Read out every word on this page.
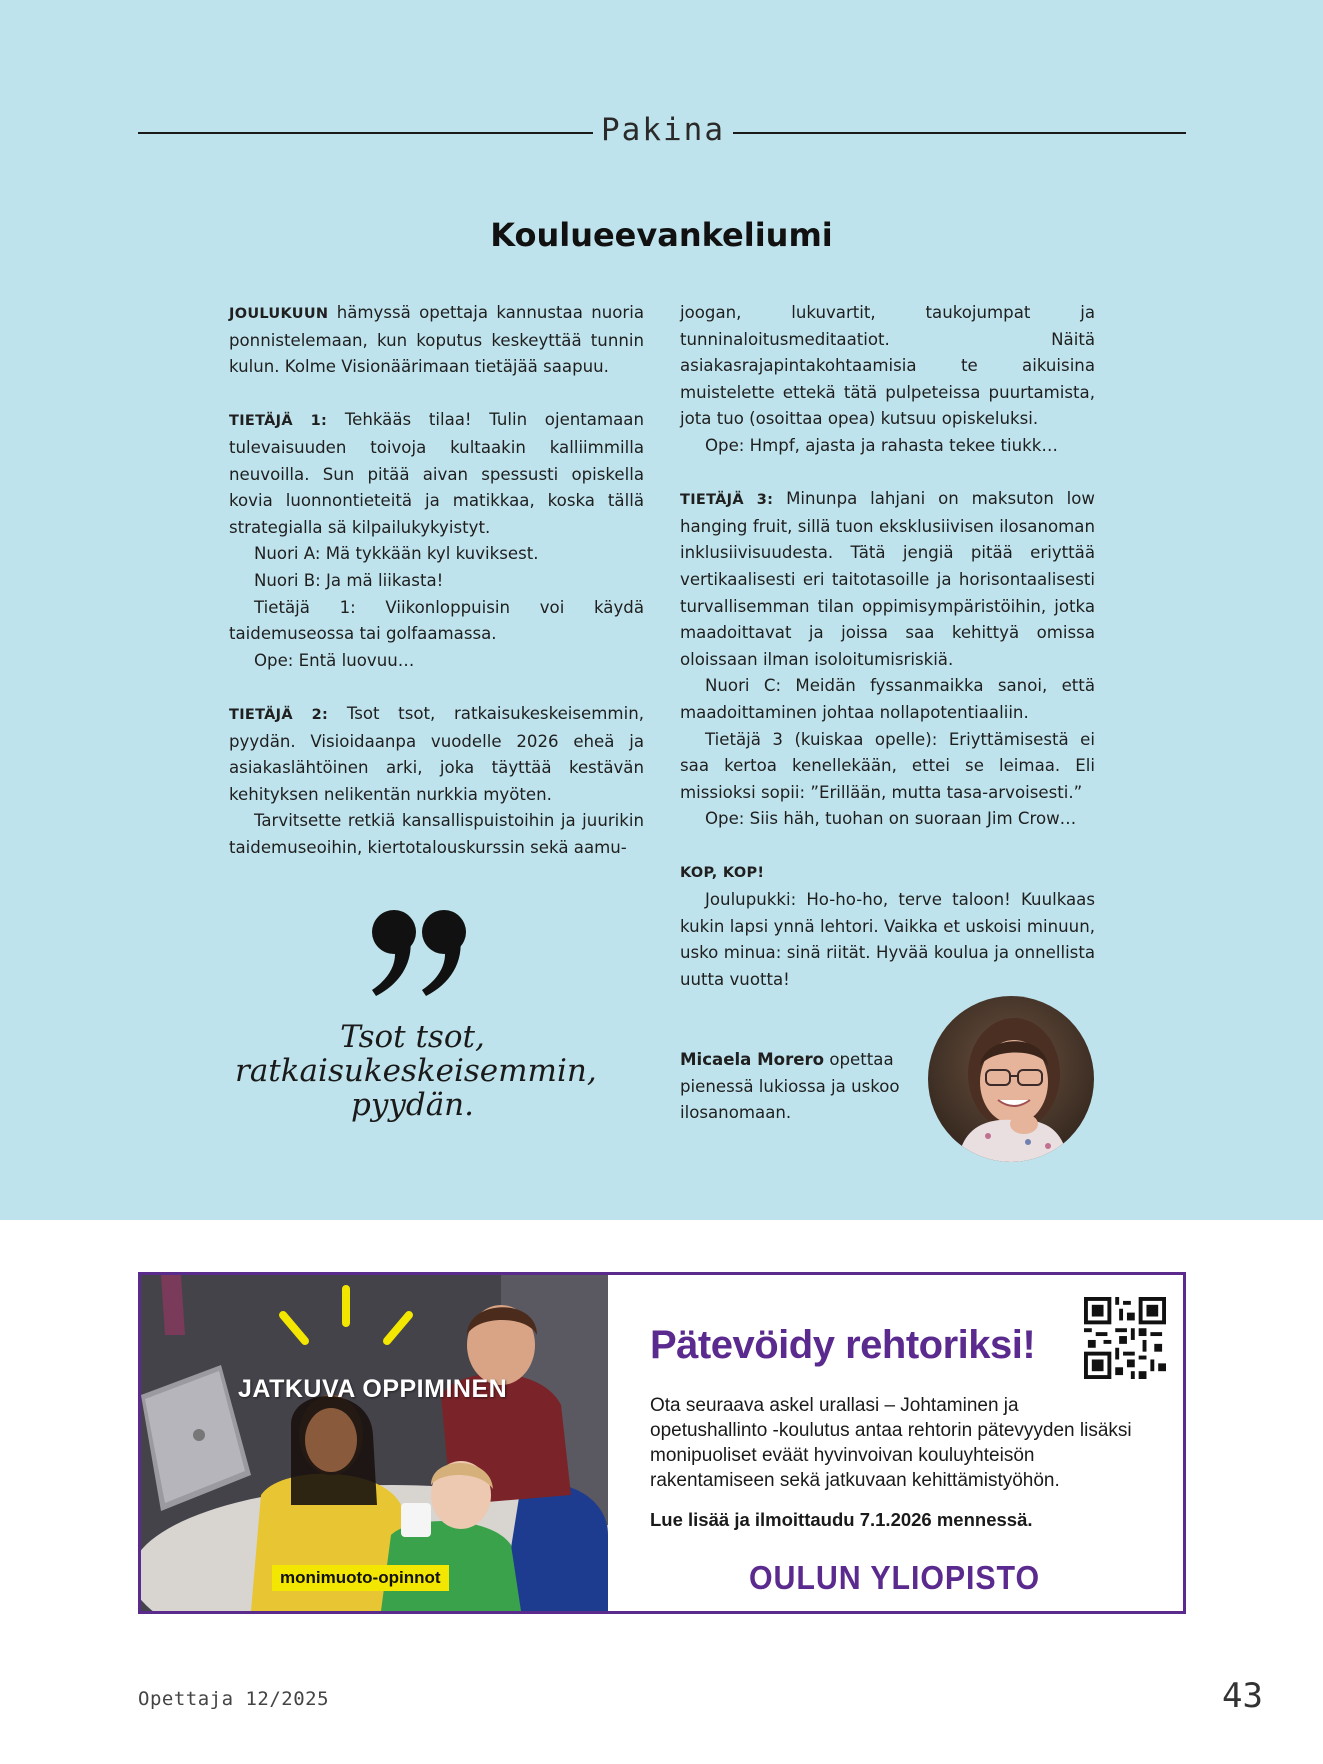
Pakina
Koulueevankeliumi

JOULUKUUN hämyssä opettaja kannustaa nuoria ponnistelemaan, kun koputus keskeyttää tunnin kulun. Kolme Visionäärimaan tietäjää saapuu.

TIETÄJÄ 1: Tehkääs tilaa! Tulin ojentamaan tulevaisuuden toivoja kultaakin kalliimmilla neuvoilla. Sun pitää aivan spessusti opiskella kovia luonnontieteitä ja matikkaa, koska tällä strategialla sä kilpailukykyistyt.

Nuori A: Mä tykkään kyl kuviksest.

Nuori B: Ja mä liikasta!

Tietäjä 1: Viikonloppuisin voi käydä taidemuseossa tai golfaamassa.

Ope: Entä luovuu…

TIETÄJÄ 2: Tsot tsot, ratkaisukeskeisemmin, pyydän. Visioidaanpa vuodelle 2026 eheä ja asiakaslähtöinen arki, joka täyttää kestävän kehityksen nelikentän nurkkia myöten.

Tarvitsette retkiä kansallispuistoihin ja juurikin taidemuseoihin, kiertotalouskurssin sekä aamu-

joogan, lukuvartit, taukojumpat ja tunninaloitusmeditaatiot. Näitä asiakasrajapintakohtaamisia te aikuisina muistelette ettekä tätä pulpeteissa puurtamista, jota tuo (osoittaa opea) kutsuu opiskeluksi.

Ope: Hmpf, ajasta ja rahasta tekee tiukk…

TIETÄJÄ 3: Minunpa lahjani on maksuton low hanging fruit, sillä tuon eksklusiivisen ilosanoman inklusiivisuudesta. Tätä jengiä pitää eriyttää vertikaalisesti eri taitotasoille ja horisontaalisesti turvallisemman tilan oppimisympäristöihin, jotka maadoittavat ja joissa saa kehittyä omissa oloissaan ilman isoloitumisriskiä.

Nuori C: Meidän fyssanmaikka sanoi, että maadoittaminen johtaa nollapotentiaaliin.

Tietäjä 3 (kuiskaa opelle): Eriyttämisestä ei saa kertoa kenellekään, ettei se leimaa. Eli missioksi sopii: ”Erillään, mutta tasa-arvoisesti.”

Ope: Siis häh, tuohan on suoraan Jim Crow…

KOP, KOP!

Joulupukki: Ho-ho-ho, terve taloon! Kuulkaas kukin lapsi ynnä lehtori. Vaikka et uskoisi minuun, usko minua: sinä riität. Hyvää koulua ja onnellista uutta vuotta!

Tsot tsot, ratkaisukeskeisemmin, pyydän.
Micaela Morero opettaa pienessä lukiossa ja uskoo ilosanomaan.
JATKUVA OPPIMINEN
monimuoto-opinnot
Pätevöidy rehtoriksi!
Ota seuraava askel urallasi – Johtaminen ja opetushallinto -koulutus antaa rehtorin pätevyyden lisäksi monipuoliset eväät hyvinvoivan kouluyhteisön rakentamiseen sekä jatkuvaan kehittämistyöhön.
Lue lisää ja ilmoittaudu 7.1.2026 mennessä.
OULUN YLIOPISTO
Opettaja 12/2025	43
